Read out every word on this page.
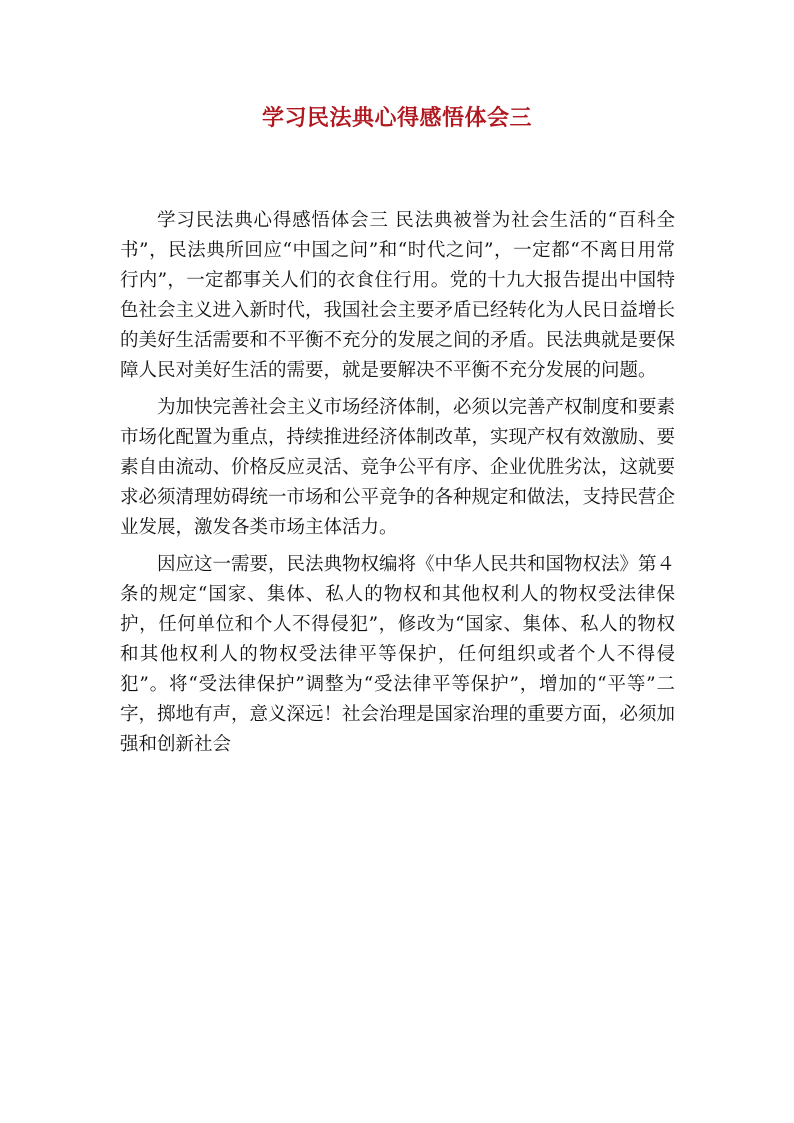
学习民法典心得感悟体会三

学习民法典心得感悟体会三 民法典被誉为社会生活的“百科全书”，民法典所回应“中国之问”和“时代之问”，一定都“不离日用常行内”，一定都事关人们的衣食住行用。党的十九大报告提出中国特色社会主义进入新时代，我国社会主要矛盾已经转化为人民日益增长的美好生活需要和不平衡不充分的发展之间的矛盾。民法典就是要保障人民对美好生活的需要，就是要解决不平衡不充分发展的问题。

为加快完善社会主义市场经济体制，必须以完善产权制度和要素市场化配置为重点，持续推进经济体制改革，实现产权有效激励、要素自由流动、价格反应灵活、竞争公平有序、企业优胜劣汰，这就要求必须清理妨碍统一市场和公平竞争的各种规定和做法，支持民营企业发展，激发各类市场主体活力。

因应这一需要，民法典物权编将《中华人民共和国物权法》第４条的规定“国家、集体、私人的物权和其他权利人的物权受法律保护，任何单位和个人不得侵犯”，修改为“国家、集体、私人的物权和其他权利人的物权受法律平等保护，任何组织或者个人不得侵犯”。将“受法律保护”调整为“受法律平等保护”，增加的“平等”二字，掷地有声，意义深远！社会治理是国家治理的重要方面，必须加强和创新社会
